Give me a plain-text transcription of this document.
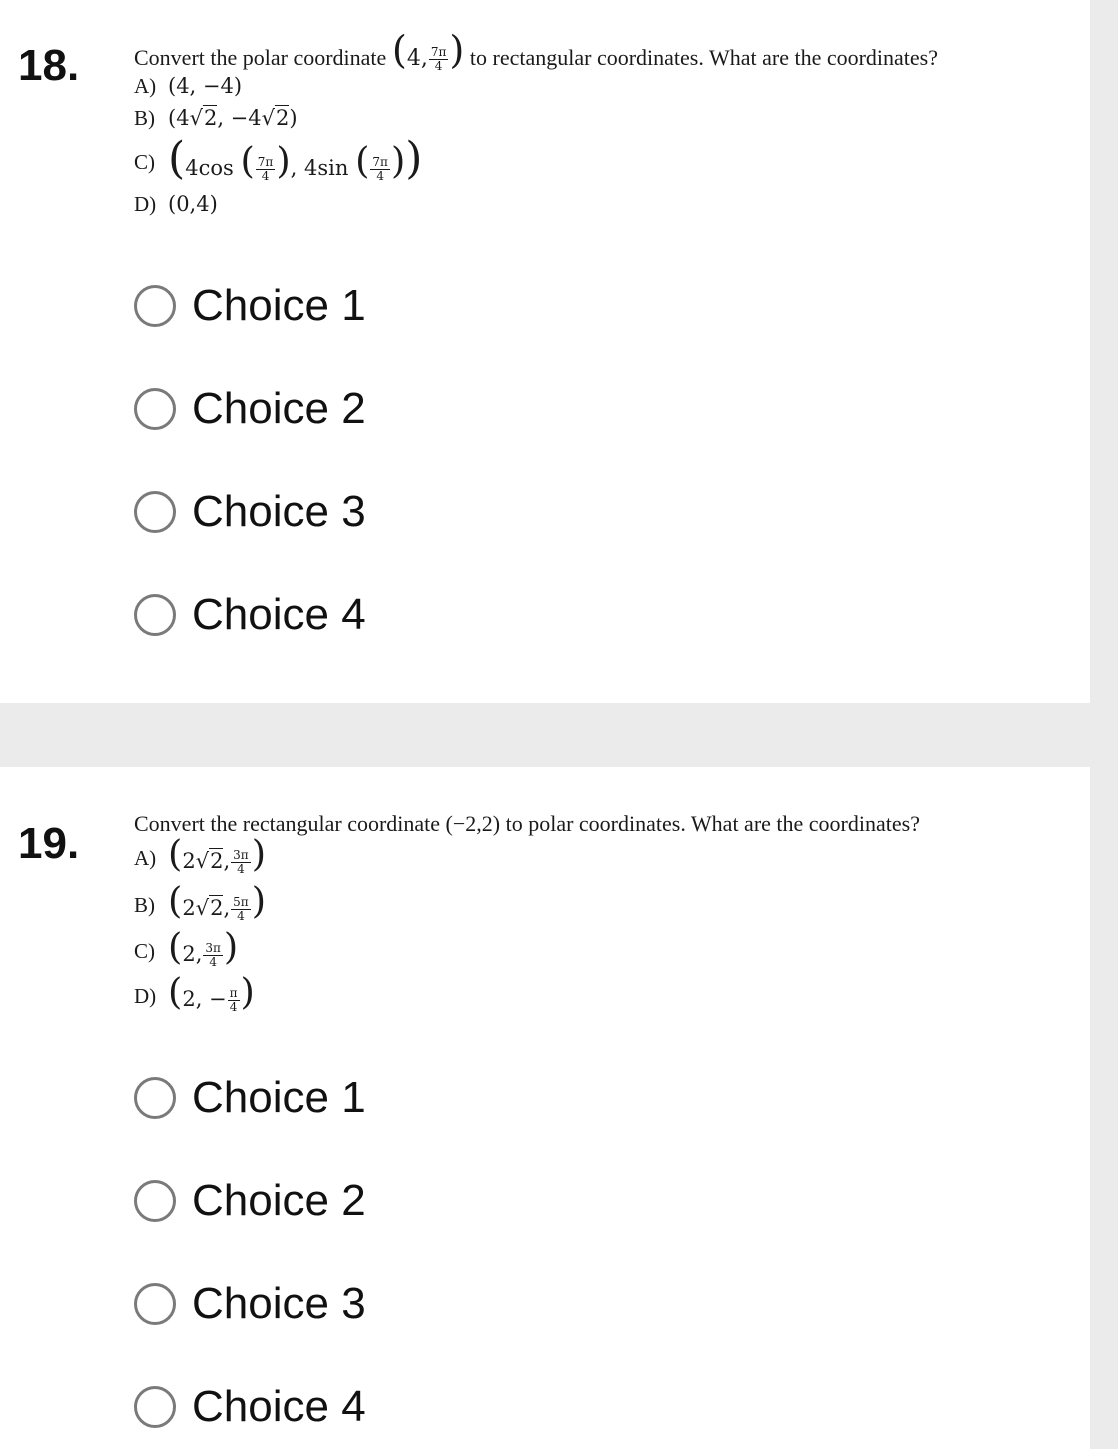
18. Convert the polar coordinate (4, $\frac{7\pi}{4}$ ) to rectangular coordinates. What are the coordinates?
A) (4, −4)
B) (4√2, −4√2)
C) (4cos ( $\frac{7\pi}{4}$ ), 4sin ( $\frac{7\pi}{4}$ ))
D) (0,4)
Choice 1
Choice 2
Choice 3
Choice 4
19. Convert the rectangular coordinate (−2,2) to polar coordinates. What are the coordinates?
A) (2√2, $\frac{3\pi}{4}$ )
B) (2√2, $\frac{5\pi}{4}$ )
C) (2, $\frac{3\pi}{4}$ )
D) (2, − $\frac{\pi}{4}$ )
Choice 1
Choice 2
Choice 3
Choice 4
